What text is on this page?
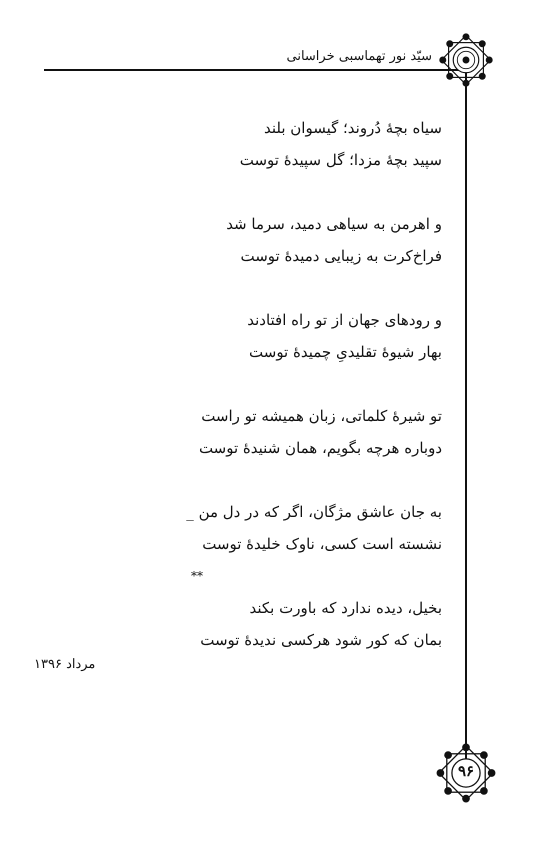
سیّد نور تهماسبی خراسانی
۹۶
سیاه بچهٔ دُروند؛ گیسوان بلند
سپید بچهٔ مزدا؛ گل سپیدهٔ توست
و اهرمن به سیاهی دمید، سرما شد
فراخ‌کرت به زیبایی دمیدهٔ توست
و رودهای جهان از تو راه افتادند
بهار شیوهٔ تقلیدیِ چمیدهٔ توست
تو شیرهٔ کلماتی، زبان همیشه تو راست
دوباره هرچه بگویم، همان شنیدهٔ توست
به جان عاشق مژگان، اگر که در دل من _
نشسته است کسی، ناوک خلیدهٔ توست
**
بخیل، دیده ندارد که باورت بکند
بمان که کور شود هرکسی ندیدهٔ توست
مرداد ۱۳۹۶
